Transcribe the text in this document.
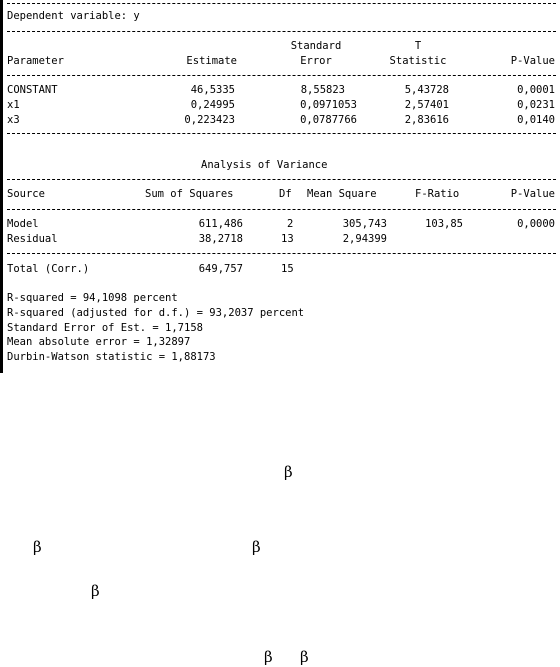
Dependent variable: y
Standard	T
Parameter	Estimate	Error	Statistic	P-Value
CONSTANT	46,5335	8,55823	5,43728	0,0001
x1	0,24995	0,0971053	2,57401	0,0231
x3	0,223423	0,0787766	2,83616	0,0140
Analysis of Variance
Source	Sum of Squares	Df Mean Square	F-Ratio	P-Value
Model	611,486	2	305,743	103,85	0,0000
Residual	38,2718	13	2,94399
Total (Corr.)	649,757	15
R-squared = 94,1098 percent
R-squared (adjusted for d.f.) = 93,2037 percent
Standard Error of Est. = 1,7158
Mean absolute error = 1,32897
Durbin-Watson statistic = 1,88173
β
β	β
β
β β
